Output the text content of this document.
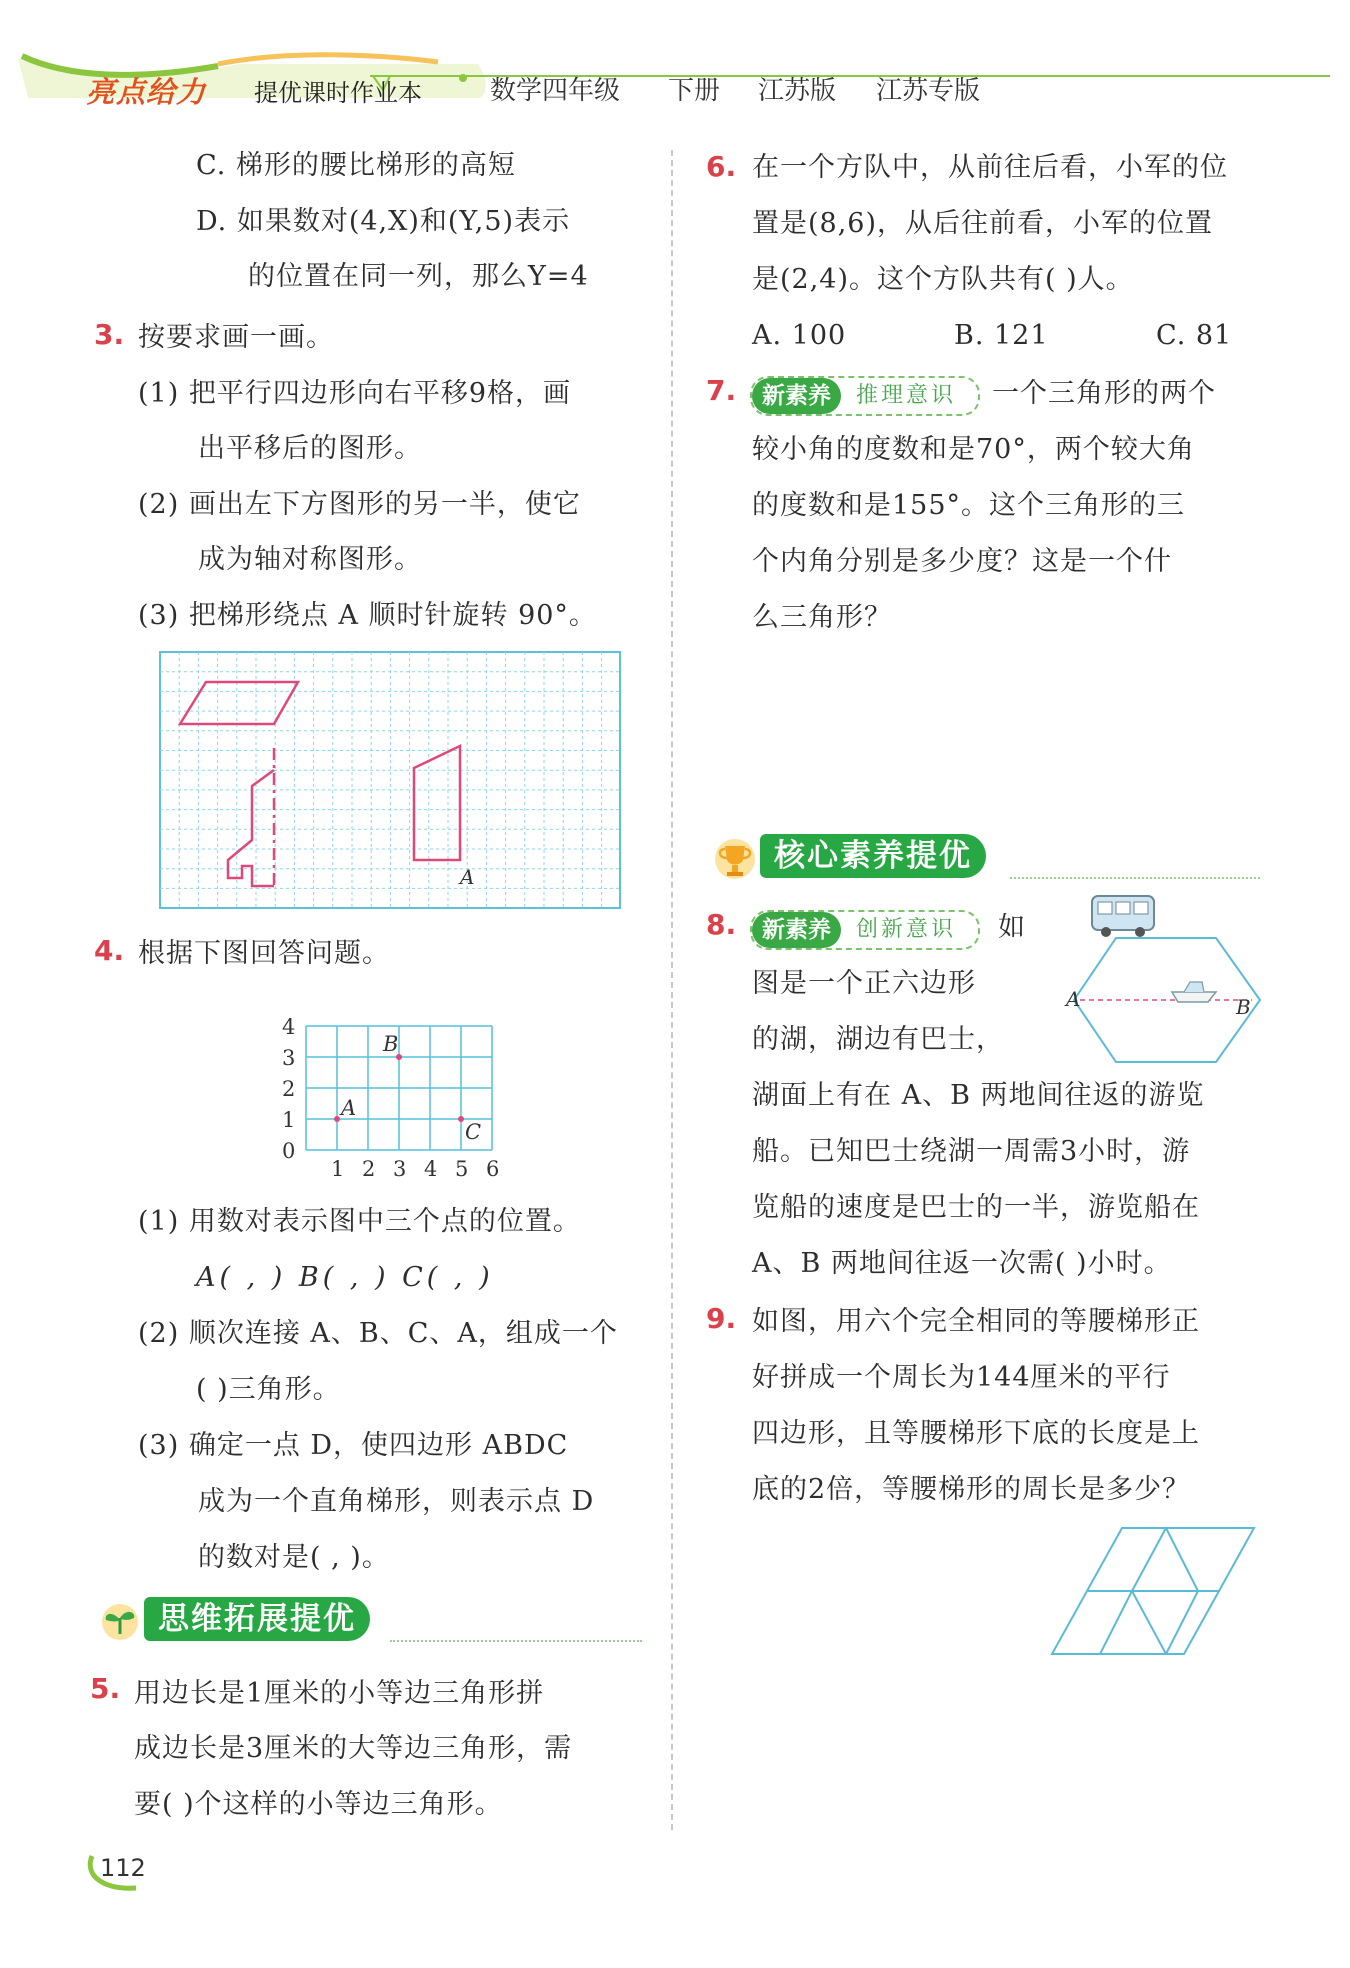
亮点给力 提优课时作业本	数学四年级 下册 江苏版 江苏专版
C. 梯形的腰比梯形的高短
D. 如果数对(4,X)和(Y,5)表示
的位置在同一列，那么Y=4
3. 按要求画一画。
(1) 把平行四边形向右平移9格，画
出平移后的图形。
(2) 画出左下方图形的另一半，使它
成为轴对称图形。
(3) 把梯形绕点 A 顺时针旋转 90°。
A
4. 根据下图回答问题。
1 2 3 4 5 6
0
1
2
3
4
A
B
C
(1) 用数对表示图中三个点的位置。
A( , ) B( , ) C( , )
(2) 顺次连接 A、B、C、A，组成一个
( )三角形。
(3) 确定一点 D，使四边形 ABDC
成为一个直角梯形，则表示点 D
的数对是( , )。
思维拓展提优
5. 用边长是1厘米的小等边三角形拼
成边长是3厘米的大等边三角形，需
要( )个这样的小等边三角形。
112
6. 在一个方队中，从前往后看，小军的位
置是(8,6)，从后往前看，小军的位置
是(2,4)。这个方队共有( )人。
A. 100	B. 121	C. 81
7.	新素养	推理意识 一个三角形的两个
较小角的度数和是70°，两个较大角
的度数和是155°。这个三角形的三
个内角分别是多少度？这是一个什
么三角形？
核心素养提优
8.	新素养	创新意识 如
图是一个正六边形
的湖，湖边有巴士，
湖面上有在 A、B 两地间往返的游览
船。已知巴士绕湖一周需3小时，游
览船的速度是巴士的一半，游览船在
A、B 两地间往返一次需( )小时。
A	B
9. 如图，用六个完全相同的等腰梯形正
好拼成一个周长为144厘米的平行
四边形，且等腰梯形下底的长度是上
底的2倍，等腰梯形的周长是多少？
